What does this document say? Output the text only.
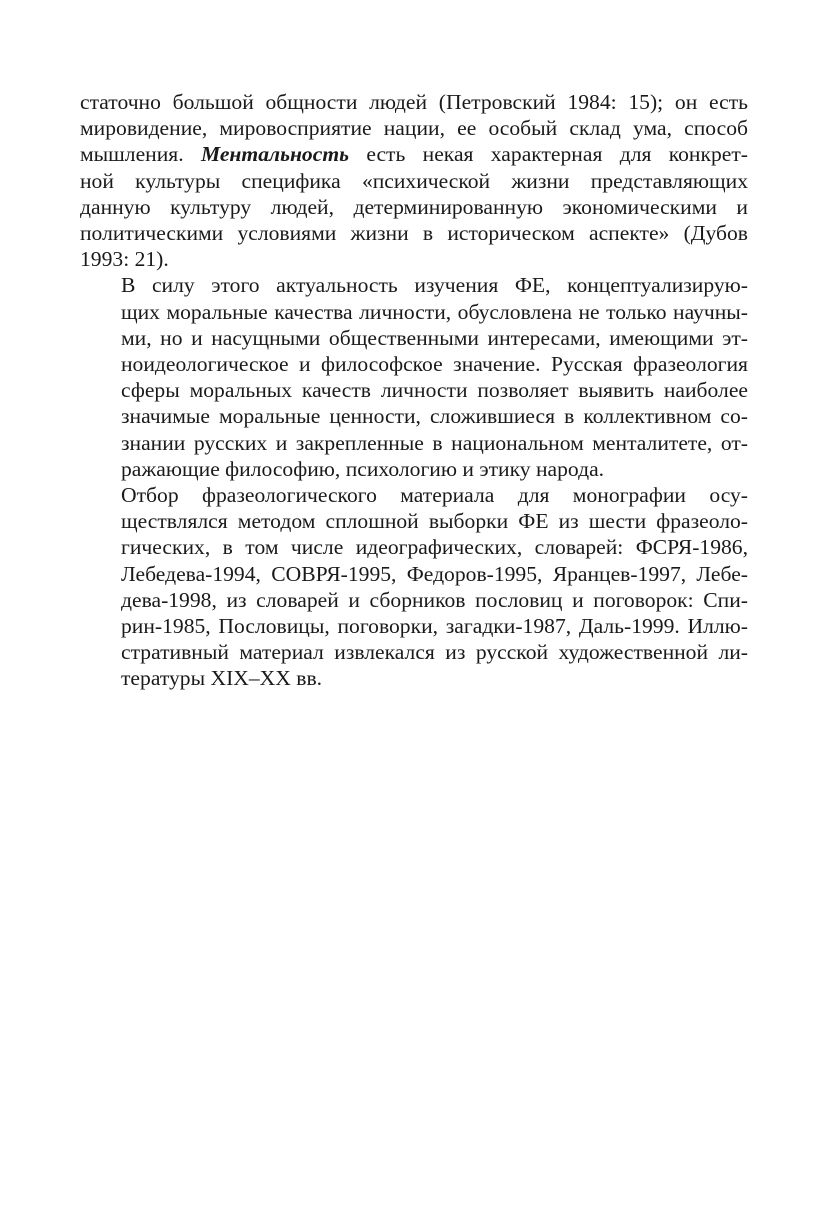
статочно большой общности людей (Петровский 1984: 15); он есть
мировидение, мировосприятие нации, ее особый склад ума, способ
мышления. Ментальность есть некая характерная для конкрет-
ной культуры специфика «психической жизни представляющих
данную культуру людей, детерминированную экономическими и
политическими условиями жизни в историческом аспекте» (Дубов
1993: 21).

В силу этого актуальность изучения ФЕ, концептуализирую-
щих моральные качества личности, обусловлена не только научны-
ми, но и насущными общественными интересами, имеющими эт-
ноидеологическое и философское значение. Русская фразеология
сферы моральных качеств личности позволяет выявить наиболее
значимые моральные ценности, сложившиеся в коллективном со-
знании русских и закрепленные в национальном менталитете, от-
ражающие философию, психологию и этику народа.

Отбор фразеологического материала для монографии осу-
ществлялся методом сплошной выборки ФЕ из шести фразеоло-
гических, в том числе идеографических, словарей: ФСРЯ-1986,
Лебедева-1994, СОВРЯ-1995, Федоров-1995, Яранцев-1997, Лебе-
дева-1998, из словарей и сборников пословиц и поговорок: Спи-
рин-1985, Пословицы, поговорки, загадки-1987, Даль-1999. Иллю-
стративный материал извлекался из русской художественной ли-
тературы XIX–XX вв.
